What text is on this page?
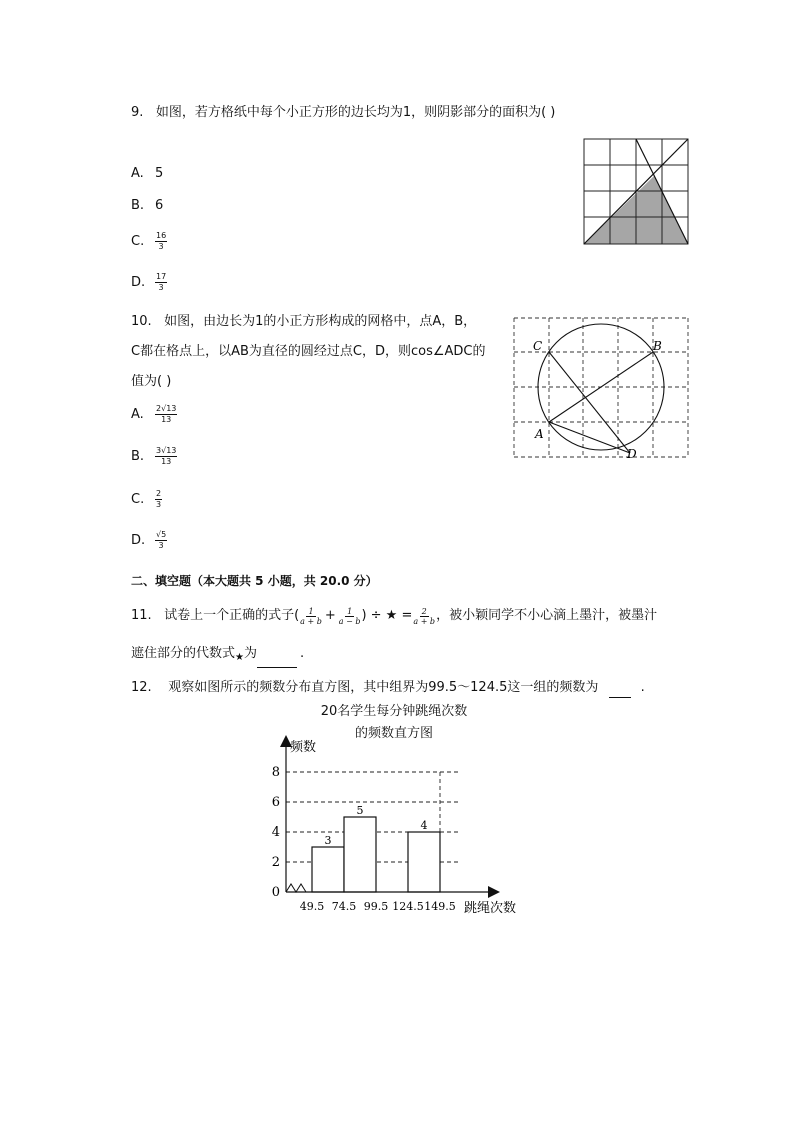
9. 如图，若方格纸中每个小正方形的边长均为1，则阴影部分的面积为( )
A. 5
B. 6
C.	$\frac{16}{3}$
D.	$\frac{17}{3}$
10. 如图，由边长为1的小正方形构成的网格中，点A，B，
C都在格点上，以AB为直径的圆经过点C，D，则cos∠ADC的
值为( )
C	B
A
D
A.	$\frac{2√13}{13}$
B.	$\frac{3√13}{13}$
C.	$\frac{2}{3}$
D.	$\frac{√5}{3}$
二、填空题（本大题共 5 小题，共 20.0 分）
11.
试卷上一个正确的式子( $\frac{1}{a + b} + \frac{1}{a - b}$ ) ÷ ★ = $\frac{2}{a + b}$ ，被小颖同学不小心滴上墨汁，被墨汁
遮住部分的代数式$_★$为	.
12. 观察如图所示的频数分布直方图，其中组界为99.5～124.5这一组的频数为	.
20名学生每分钟跳绳次数
的频数直方图
0
2
4
6
8
49.5 74.5 99.5 124.5 149.5
频数
跳绳次数
3
5
4
